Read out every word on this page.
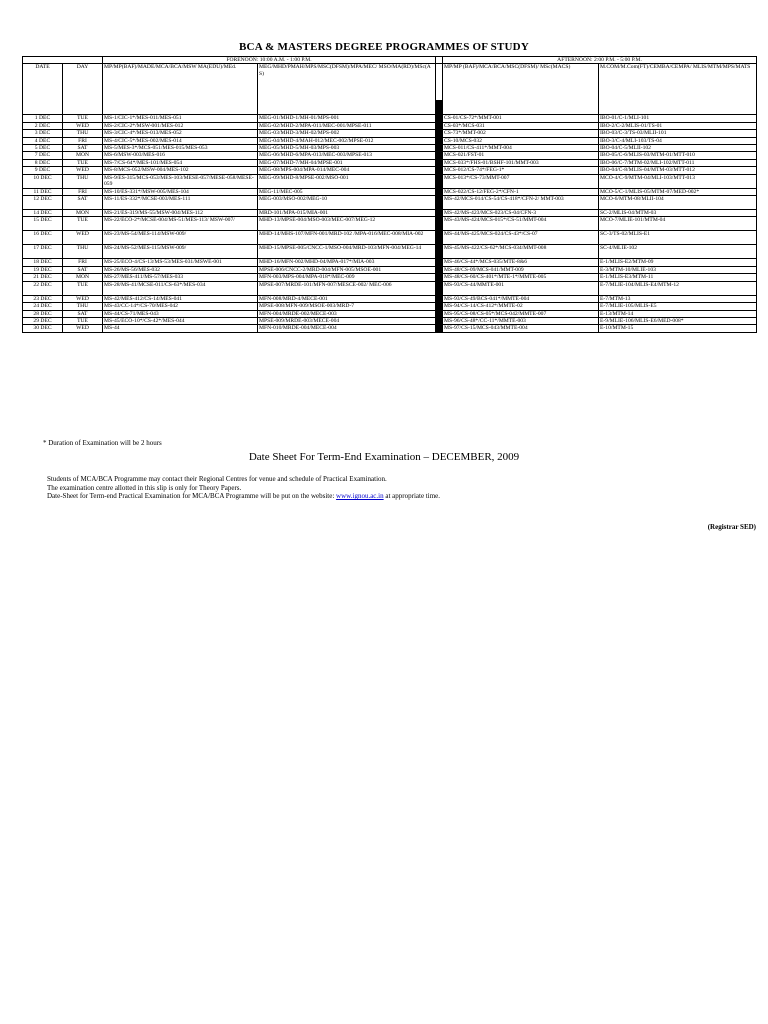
BCA & MASTERS DEGREE PROGRAMMES OF STUDY
		FORENOON: 10:00 A.M. - 1:00 P.M.			AFTERNOON: 2:00 P.M. - 5:00 P.M.	
DATE	DAY	MP/MP(BAF)/MADE/MCA/BCA/MSW MA(EDU)/MEd.	MEG/MHD/PMAH/MPS/MSC(DFSM)/MPA/MEC/ MSO/MA(RD)/MSc(AS)		MP/MP (BAF)/MCA/BCA/MSC(DFSM)/ MSc(MACS)	M.COM/M.Com(FT)/CEMBA/CEMPA/ MLIS/MTM/MPS/MATS
1 DEC	TUE	MS-1/CIC-1*/MES-011/MES-051	MEG-01/MHD-1/MH-01/MPS-001		CS-01/CS-72*/MMT-001	IBO-01/C-1/MLI-101
2 DEC	WED	MS-2/CIC-2*/MSW-001/MES-012	MEG-02/MHD-2/MPA-011/MEC-001/MPSE-011		CS-03*/MCS-031	IBO-2/C-2/MLIS-01/TS-01
3 DEC	THU	MS-3/CIC-4*/MES-013/MES-052	MEG-03/MHD-3/MH-02/MPS-002		CS-73*/MMT-002	IBO-03/C-3/TS-03/MLII-101
4 DEC	FRI	MS-4/CIC-5*/MES-002/MES-014	MEG-04/MHD-4/MAH-012/MEC-002/MPSE-012		CS-10/MCS-032	IBO-3/C-4/MLI-103/TS-04
5 DEC	SAT	MS-5/MES-3*/MCS-051/MES-015/MES-053	MEG-05/MHD-5/MH-03/MPS-003		MCS-011/CS-411*/MMT-004	IBO-04/C-5/MLII-102
7 DEC	MON	MS-6/MSW-003/MES-016	MEG-06/MHD-6/MPA-013/MEC-003/MPSE-013		MCS-021/FST-01	IBO-05/C-6/MLIS-03/MTM-01/MTT-010
8 DEC	TUE	MS-7/CS-64*/MES-101/MES-054	MEG-07/MHD-7/MH-04/MPSE-001		MCS-033*/FHS-01/BSHF-101/MMT-003	IBO-06/C-7/MTM-02/MLI-102/MTT-011
9 DEC	WED	MS-8/MCS-052/MSW-004/MES-102	MEG-08/MPS-004/MPA-014/MEC-004		MCS-012/CS-74*/FEG-1*	IBO-04/C-8/MLIS-04/MTM-03/MTT-012
10 DEC	THU	MS-9/ES-315/MCS-053/MES-103/MESE-057/MESE-058/MESE-059	MEG-09/MHD-8/MPSE-002/MSO-001		MCS-013*/CS-73/MMT-007	MCO-4/C-9/MTM-04/MLI-103/MTT-013
11 DEC	FRI	MS-10/ES-331*/MSW-005/MES-104	MEG-11/MEC-005		MCS-022/CS-12/FEG-2*/CFN-1	MCO-5/C-1/MLIS-05/MTM-07/MED-002*
12 DEC	SAT	MS-11/ES-332*/MCSE-003/MES-111	MEG-003/MSO-002/MEG-10		MS-42/MCS-014/CS-54/CS-418*/CFN-2/ MMT-003	MCO-6/MTM-08/MLII-104
14 DEC	MON	MS-21/ES-319/MS-55/MSW-004/MES-112	MRD-101/MPA-015/MIA-001		MS-42/MS-423/MCS-023/CS-04/CFN-3	SC-2/MLIS-04/MTM-03
15 DEC	TUE	MS-22/ECO-2*/MCSE-004/MS-51/MES-113/ MSW-007/	MHD-13/MPSE-004/MSO-003/MEC-007/MEG-12		MS-43/MS-424/MCS-015*/CS-51/MMT-004	MCO-7/MLIE-101/MTM-04
16 DEC	WED	MS-23/MS-54/MES-114/MSW-009/	MHD-14/MHS-107/MFN-001/MRD-102 /MPA-016/MEC-008/MIA-002		MS-44/MS-425/MCS-024/CS-43*/CS-07	SC-3/TS-02/MLIS-E1
17 DEC	THU	MS-24/MS-52/MES-115/MSW-009/	MHD-15/MPSE-005/CNCC-1/MSO-004/MRD-103/MFN-004/MEG-14		MS-45/MS-422/CS-62*/MCS-034/MMT-008	SC-4/MLIE-102
18 DEC	FRI	MS-25/ECO-4/CS-13/MS-53/MES-031/MSWE-001	MHD-16/MFN-002/MHD-04/MPA-017*/MIA-003		MS-46/CS-44*/MCS-035/MTE-8&6	E-1/MLIS-E2/MTM-09
19 DEC	SAT	MS-26/MS-56/MES-032	MPSE-006/CNCC-2/MRD-004/MFN-005/MSOE-001		MS-48/CS-09/MCS-041/MMT-009	E-3/MTM-10/MLIE-103
21 DEC	MON	MS-27/MES-411/MS-57/MES-033	MFN-003/MPS-004/MPA-018*/MEC-009		MS-48/CS-60/CS-401*/MTE-1*/MMTE-005	E-1/MLIS-E3/MTM-11
22 DEC	TUE	MS-28/MS-41/MCSE-011/CS-63*/MES-034	MPSE-007/MRDE-101/MFN-007/MESCE-002/ MEC-006		MS-93/CS-44/MMTE-001	E-7/MLIE-104/MLIS-E4/MTM-12
23 DEC	WED	MS-42/MES-412/CS-14/MES-041	MFN-008/MRD-4/MECE-001		MS-93/CS-49/BCS-041*/MMTE-004	E-7/MTM-13
24 DEC	THU	MS-43/CC-14*/CS-70/MES-042	MPSE-008/MFN-009/MSOE-003/MRD-7		MS-94/CS-14/CS-412*/MMTE-02	E-7/MLIE-105/MLIS-E5
28 DEC	SAT	MS-44/CS-71/MES-043	MFN-004/MRDE-002/MECE-003		MS-95/CS-08/CS-05*/MCS-042/MMTE-007	E-13/MTM-14
29 DEC	TUE	MS-45/ECO-10*/CS-42*/MES-044	MPSE-009/MRDE-003/MECE-004		MS-96/CS-48*/CC-11*/MMTE-003	E-9/MLIE-106/MLIS-E6/MED-008*
30 DEC	WED	MS-44	MFN-010/MRDE-004/MECE-004		MS-97/CS-15/MCS-043/MMTE-004	E-10/MTM-15
* Duration of Examination will be 2 hours
Date Sheet For Term-End Examination – DECEMBER, 2009
Students of MCA/BCA Programme may contact their Regional Centres for venue and schedule of Practical Examination.
The examination centre allotted in this slip is only for Theory Papers.
Date-Sheet for Term-end Practical Examination for MCA/BCA Programme will be put on the website: www.ignou.ac.in at appropriate time.
(Registrar SED)
